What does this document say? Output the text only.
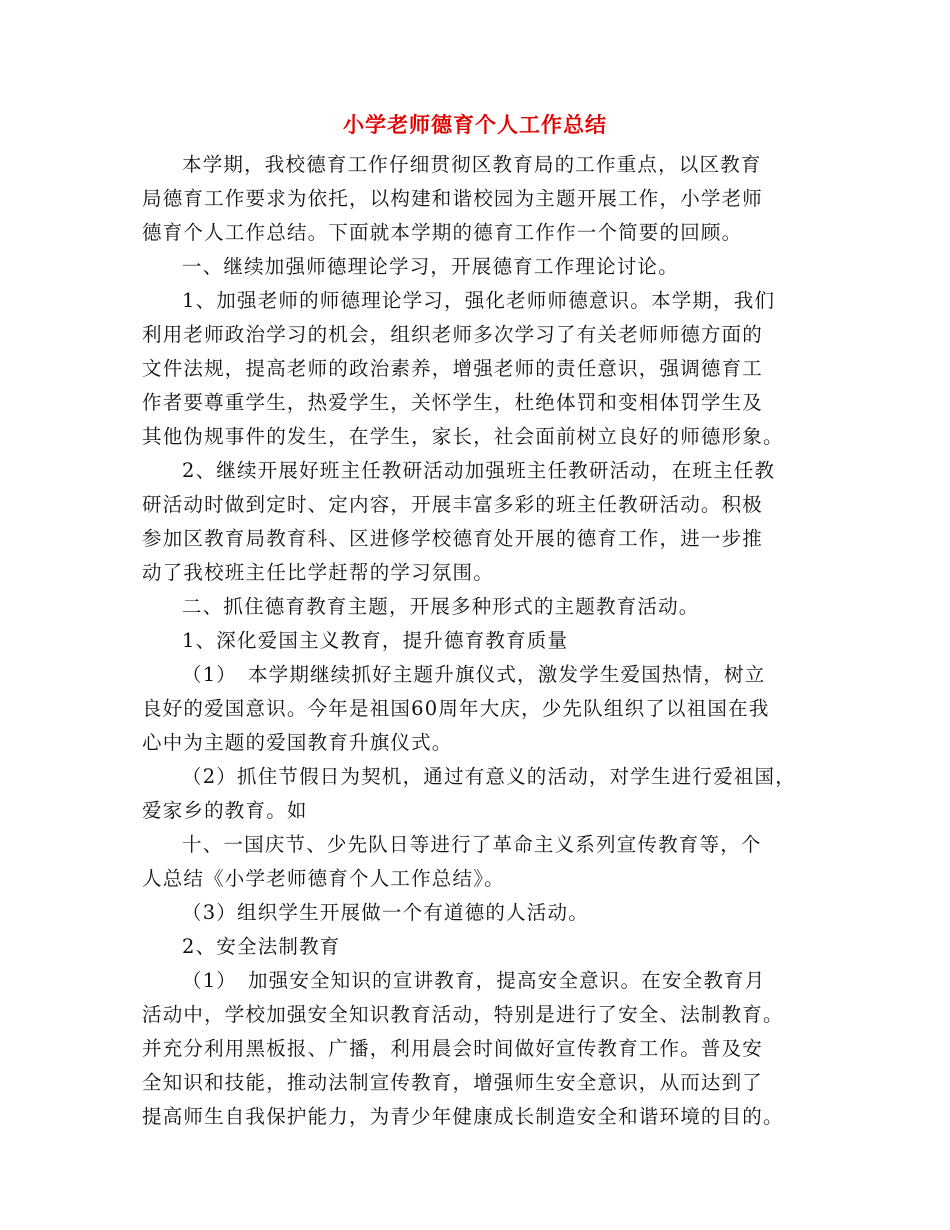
小学老师德育个人工作总结
本学期，我校德育工作仔细贯彻区教育局的工作重点，以区教育
局德育工作要求为依托，以构建和谐校园为主题开展工作，小学老师
德育个人工作总结。下面就本学期的德育工作作一个简要的回顾。
一、继续加强师德理论学习，开展德育工作理论讨论。
1、加强老师的师德理论学习，强化老师师德意识。本学期，我们
利用老师政治学习的机会，组织老师多次学习了有关老师师德方面的
文件法规，提高老师的政治素养，增强老师的责任意识，强调德育工
作者要尊重学生，热爱学生，关怀学生，杜绝体罚和变相体罚学生及
其他伪规事件的发生，在学生，家长，社会面前树立良好的师德形象。
2、继续开展好班主任教研活动加强班主任教研活动，在班主任教
研活动时做到定时、定内容，开展丰富多彩的班主任教研活动。积极
参加区教育局教育科、区进修学校德育处开展的德育工作，进一步推
动了我校班主任比学赶帮的学习氛围。
二、抓住德育教育主题，开展多种形式的主题教育活动。
1、深化爱国主义教育，提升德育教育质量
（1）　本学期继续抓好主题升旗仪式，激发学生爱国热情，树立
良好的爱国意识。今年是祖国60周年大庆，少先队组织了以祖国在我
心中为主题的爱国教育升旗仪式。
（2）抓住节假日为契机，通过有意义的活动，对学生进行爱祖国，
爱家乡的教育。如
十、一国庆节、少先队日等进行了革命主义系列宣传教育等，个
人总结《小学老师德育个人工作总结》。
（3）组织学生开展做一个有道德的人活动。
2、安全法制教育
（1）　加强安全知识的宣讲教育，提高安全意识。在安全教育月
活动中，学校加强安全知识教育活动，特别是进行了安全、法制教育。
并充分利用黑板报、广播，利用晨会时间做好宣传教育工作。普及安
全知识和技能，推动法制宣传教育，增强师生安全意识，从而达到了
提高师生自我保护能力，为青少年健康成长制造安全和谐环境的目的。
